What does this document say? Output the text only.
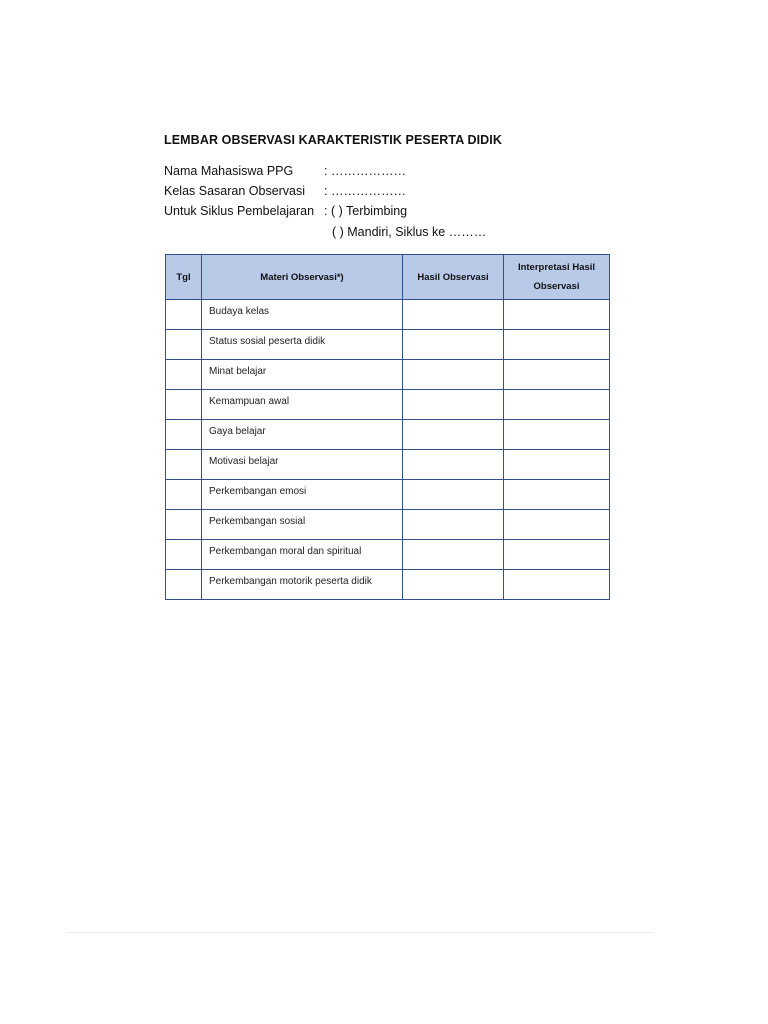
LEMBAR OBSERVASI KARAKTERISTIK PESERTA DIDIK
Nama Mahasiswa PPG : ………………
Kelas Sasaran Observasi : ………………
Untuk Siklus Pembelajaran : ( ) Terbimbing
( ) Mandiri, Siklus ke ………
Tgl	Materi Observasi*)	Hasil Observasi	Interpretasi Hasil
Observasi
	Budaya kelas		
	Status sosial peserta didik		
	Minat belajar		
	Kemampuan awal		
	Gaya belajar		
	Motivasi belajar		
	Perkembangan emosi		
	Perkembangan sosial		
	Perkembangan moral dan spiritual		
	Perkembangan motorik peserta didik		
